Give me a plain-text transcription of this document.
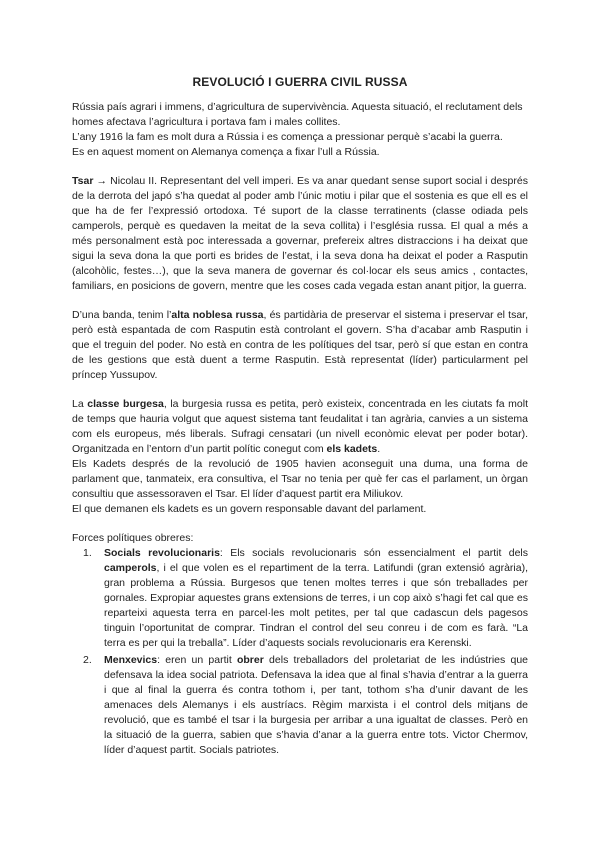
REVOLUCIÓ I GUERRA CIVIL RUSSA

Rússia país agrari i immens, d’agricultura de supervivència. Aquesta situació, el reclutament dels homes afectava l’agricultura i portava fam i males collites.

L’any 1916 la fam es molt dura a Rússia i es comença a pressionar perquè s’acabi la guerra.

Es en aquest moment on Alemanya comença a fixar l’ull a Rússia.

Tsar → Nicolau II. Representant del vell imperi. Es va anar quedant sense suport social i després de la derrota del japó s’ha quedat al poder amb l’únic motiu i pilar que el sostenia es que ell es el que ha de fer l’expressió ortodoxa. Té suport de la classe terratinents (classe odiada pels camperols, perquè es quedaven la meitat de la seva collita) i l’església russa. El qual a més a més personalment està poc interessada a governar, prefereix altres distraccions i ha deixat que sigui la seva dona la que porti es brides de l’estat, i la seva dona ha deixat el poder a Rasputin (alcohòlic, festes…), que la seva manera de governar és col·locar els seus amics , contactes, familiars, en posicions de govern, mentre que les coses cada vegada estan anant pitjor, la guerra.

D’una banda, tenim l’alta noblesa russa, és partidària de preservar el sistema i preservar el tsar, però està espantada de com Rasputin està controlant el govern. S’ha d’acabar amb Rasputin i que el treguin del poder. No està en contra de les polítiques del tsar, però sí que estan en contra de les gestions que està duent a terme Rasputin. Està representat (líder) particularment pel príncep Yussupov.

La classe burgesa, la burgesia russa es petita, però existeix, concentrada en les ciutats fa molt de temps que hauria volgut que aquest sistema tant feudalitat i tan agrària, canvies a un sistema com els europeus, més liberals. Sufragi censatari (un nivell econòmic elevat per poder botar). Organitzada en l’entorn d’un partit polític conegut com els kadets.

Els Kadets després de la revolució de 1905 havien aconseguit una duma, una forma de parlament que, tanmateix, era consultiva, el Tsar no tenia per què fer cas el parlament, un òrgan consultiu que assessoraven el Tsar. El líder d’aquest partit era Miliukov.

El que demanen els kadets es un govern responsable davant del parlament.

Forces polítiques obreres:

1. Socials revolucionaris: Els socials revolucionaris són essencialment el partit dels camperols, i el que volen es el repartiment de la terra. Latifundi (gran extensió agrària), gran problema a Rússia. Burgesos que tenen moltes terres i que són treballades per gornales. Expropiar aquestes grans extensions de terres, i un cop això s’hagi fet cal que es reparteixi aquesta terra en parcel·les molt petites, per tal que cadascun dels pagesos tinguin l’oportunitat de comprar. Tindran el control del seu conreu i de com es farà. “La terra es per qui la treballa”. Líder d’aquests socials revolucionaris era Kerenski.
2. Menxevics: eren un partit obrer dels treballadors del proletariat de les indústries que defensava la idea social patriota. Defensava la idea que al final s’havia d’entrar a la guerra i que al final la guerra és contra tothom i, per tant, tothom s’ha d’unir davant de les amenaces dels Alemanys i els austríacs. Règim marxista i el control dels mitjans de revolució, que es també el tsar i la burgesia per arribar a una igualtat de classes. Però en la situació de la guerra, sabien que s’havia d’anar a la guerra entre tots. Victor Chermov, líder d’aquest partit. Socials patriotes.
